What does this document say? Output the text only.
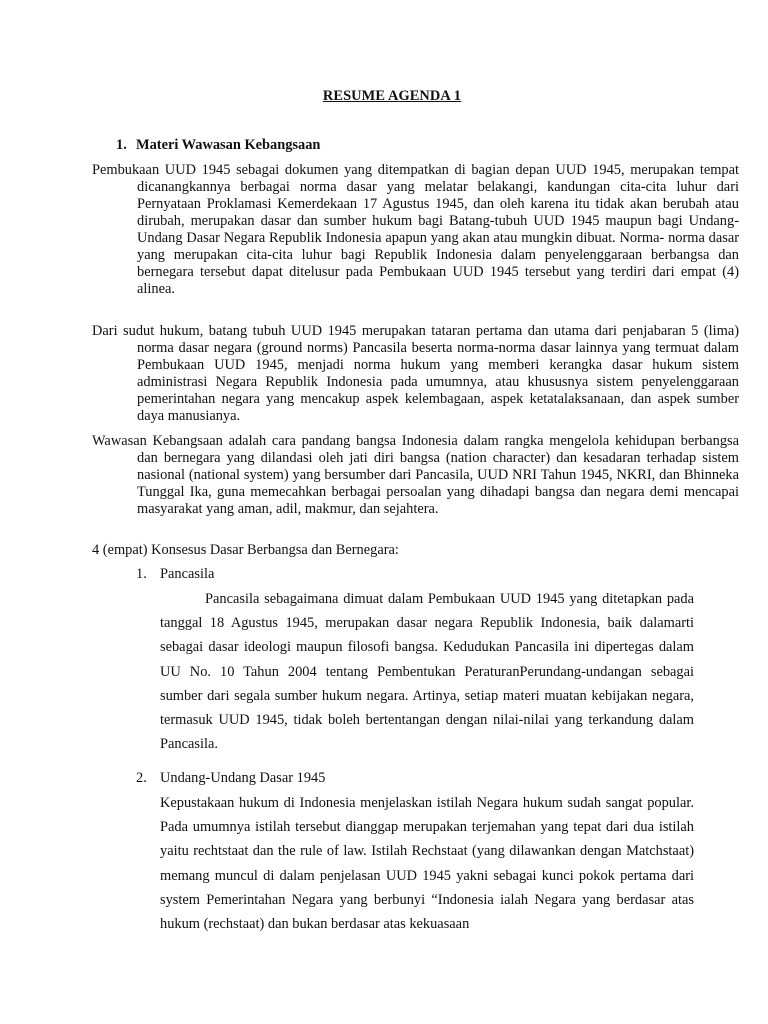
RESUME AGENDA 1
1. Materi Wawasan Kebangsaan

Pembukaan UUD 1945 sebagai dokumen yang ditempatkan di bagian depan UUD 1945, merupakan tempat dicanangkannya berbagai norma dasar yang melatar belakangi, kandungan cita-cita luhur dari Pernyataan Proklamasi Kemerdekaan 17 Agustus 1945, dan oleh karena itu tidak akan berubah atau dirubah, merupakan dasar dan sumber hukum bagi Batang-tubuh UUD 1945 maupun bagi Undang-Undang Dasar Negara Republik Indonesia apapun yang akan atau mungkin dibuat. Norma- norma dasar yang merupakan cita-cita luhur bagi Republik Indonesia dalam penyelenggaraan berbangsa dan bernegara tersebut dapat ditelusur pada Pembukaan UUD 1945 tersebut yang terdiri dari empat (4) alinea.

Dari sudut hukum, batang tubuh UUD 1945 merupakan tataran pertama dan utama dari penjabaran 5 (lima) norma dasar negara (ground norms) Pancasila beserta norma-norma dasar lainnya yang termuat dalam Pembukaan UUD 1945, menjadi norma hukum yang memberi kerangka dasar hukum sistem administrasi Negara Republik Indonesia pada umumnya, atau khususnya sistem penyelenggaraan pemerintahan negara yang mencakup aspek kelembagaan, aspek ketatalaksanaan, dan aspek sumber daya manusianya.

Wawasan Kebangsaan adalah cara pandang bangsa Indonesia dalam rangka mengelola kehidupan berbangsa dan bernegara yang dilandasi oleh jati diri bangsa (nation character) dan kesadaran terhadap sistem nasional (national system) yang bersumber dari Pancasila, UUD NRI Tahun 1945, NKRI, dan Bhinneka Tunggal Ika, guna memecahkan berbagai persoalan yang dihadapi bangsa dan negara demi mencapai masyarakat yang aman, adil, makmur, dan sejahtera.

4 (empat) Konsesus Dasar Berbangsa dan Bernegara:
1. Pancasila
Pancasila sebagaimana dimuat dalam Pembukaan UUD 1945 yang ditetapkan pada tanggal 18 Agustus 1945, merupakan dasar negara Republik Indonesia, baik dalamarti sebagai dasar ideologi maupun filosofi bangsa. Kedudukan Pancasila ini dipertegas dalam UU No. 10 Tahun 2004 tentang Pembentukan PeraturanPerundang-undangan sebagai sumber dari segala sumber hukum negara. Artinya, setiap materi muatan kebijakan negara, termasuk UUD 1945, tidak boleh bertentangan dengan nilai-nilai yang terkandung dalam Pancasila.
2. Undang-Undang Dasar 1945
Kepustakaan hukum di Indonesia menjelaskan istilah Negara hukum sudah sangat popular. Pada umumnya istilah tersebut dianggap merupakan terjemahan yang tepat dari dua istilah yaitu rechtstaat dan the rule of law. Istilah Rechstaat (yang dilawankan dengan Matchstaat) memang muncul di dalam penjelasan UUD 1945 yakni sebagai kunci pokok pertama dari system Pemerintahan Negara yang berbunyi “Indonesia ialah Negara yang berdasar atas hukum (rechstaat) dan bukan berdasar atas kekuasaan
